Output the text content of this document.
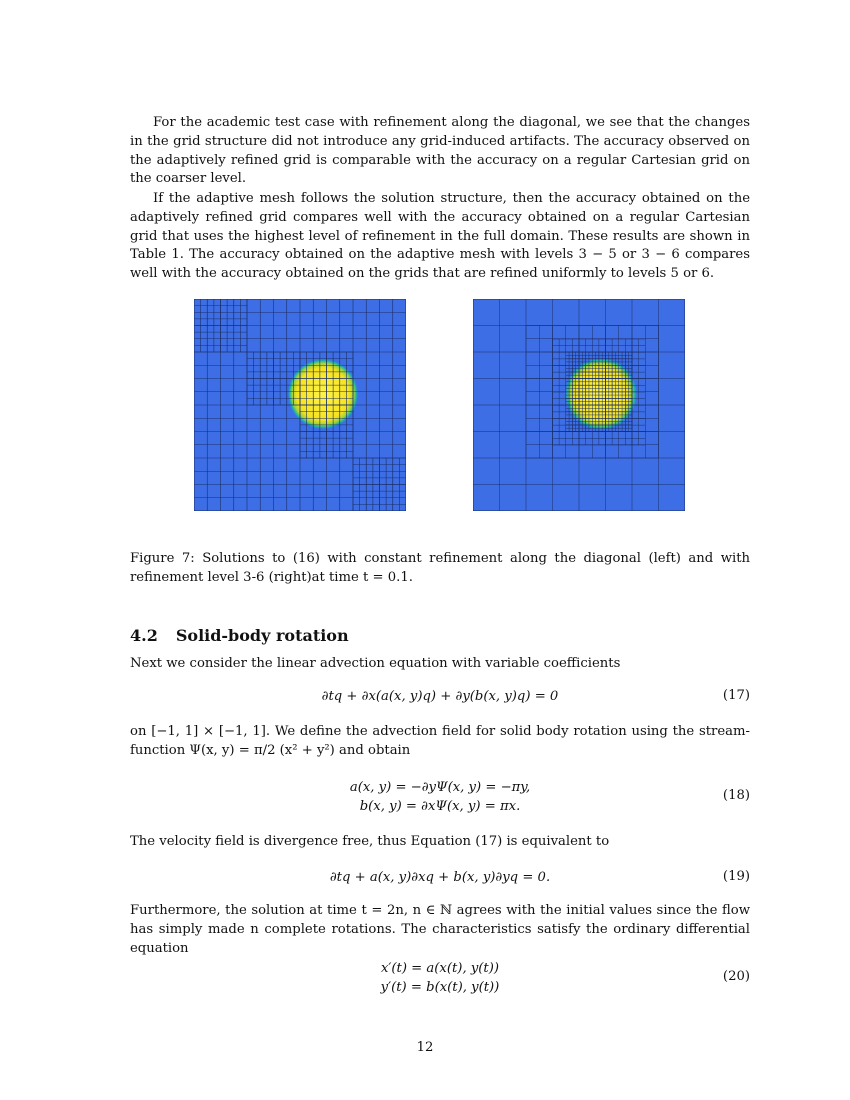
For the academic test case with refinement along the diagonal, we see that the changes in the grid structure did not introduce any grid-induced artifacts. The accuracy observed on the adaptively refined grid is comparable with the accuracy on a regular Cartesian grid on the coarser level.

If the adaptive mesh follows the solution structure, then the accuracy obtained on the adaptively refined grid compares well with the accuracy obtained on a regular Cartesian grid that uses the highest level of refinement in the full domain. These results are shown in Table 1. The accuracy obtained on the adaptive mesh with levels 3 − 5 or 3 − 6 compares well with the accuracy obtained on the grids that are refined uniformly to levels 5 or 6.

Figure 7: Solutions to (16) with constant refinement along the diagonal (left) and with refinement level 3-6 (right)at time t = 0.1.

4.2 Solid-body rotation

Next we consider the linear advection equation with variable coefficients

∂tq + ∂x(a(x, y)q) + ∂y(b(x, y)q) = 0	(17)

on [−1, 1] × [−1, 1]. We define the advection field for solid body rotation using the stream-function Ψ(x, y) = π/2 (x² + y²) and obtain

a(x, y) = −∂yΨ(x, y) = −πy,
b(x, y) = ∂xΨ(x, y) = πx.
(18)

The velocity field is divergence free, thus Equation (17) is equivalent to

∂tq + a(x, y)∂xq + b(x, y)∂yq = 0.	(19)

Furthermore, the solution at time t = 2n, n ∈ ℕ agrees with the initial values since the flow has simply made n complete rotations. The characteristics satisfy the ordinary differential equation

x′(t) = a(x(t), y(t))
y′(t) = b(x(t), y(t))
(20)
12
